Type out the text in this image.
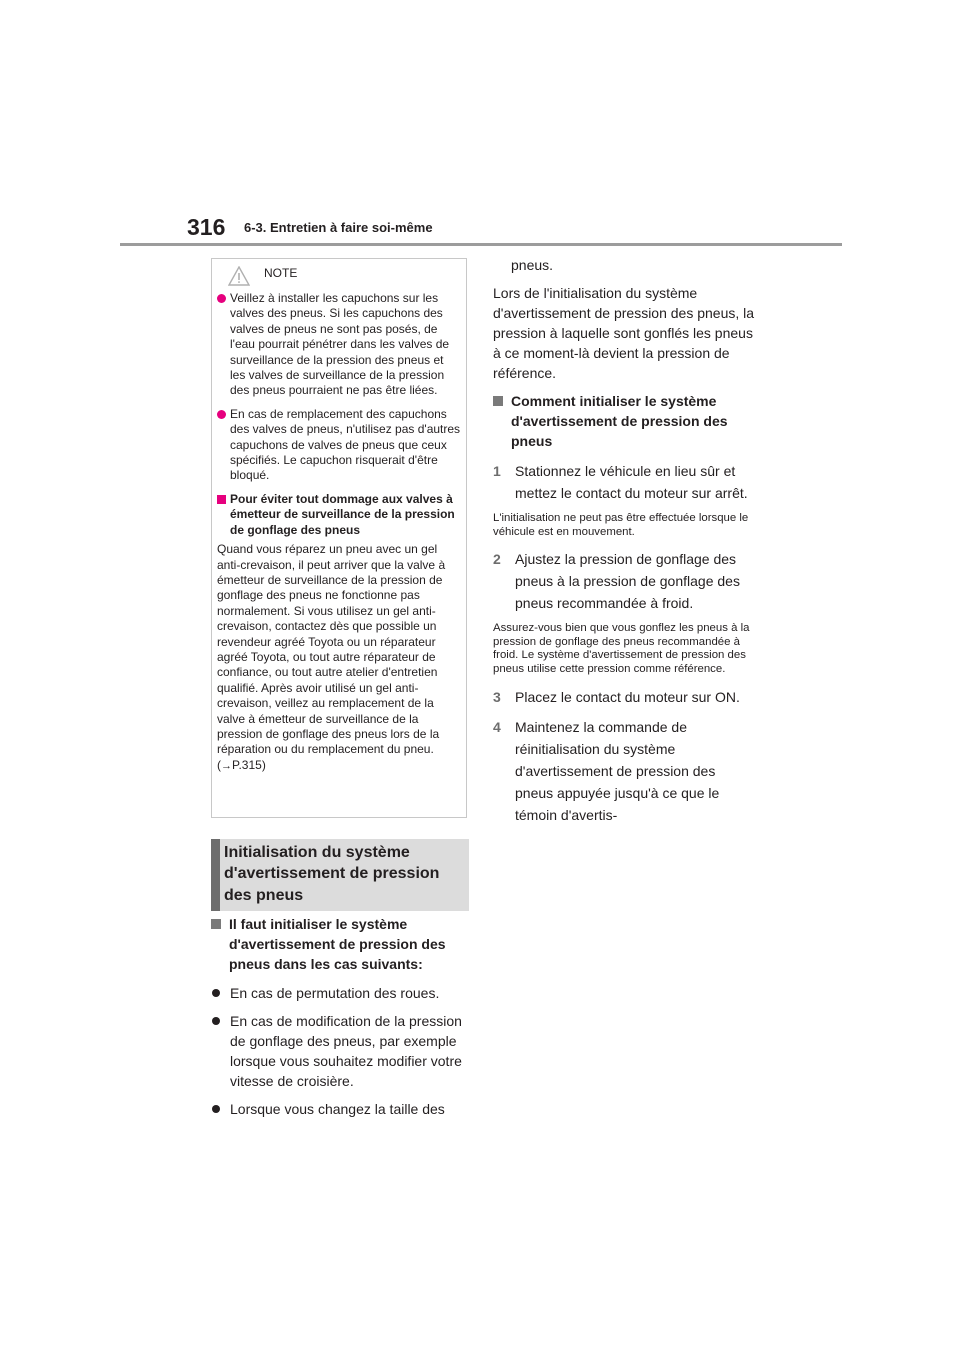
316 6-3. Entretien à faire soi-même
NOTE
Veillez à installer les capuchons sur les valves des pneus. Si les capuchons des valves de pneus ne sont pas posés, de l'eau pourrait pénétrer dans les valves de surveillance de la pression des pneus et les valves de surveillance de la pression des pneus pourraient ne pas être liées.
En cas de remplacement des capuchons des valves de pneus, n'utilisez pas d'autres capuchons de valves de pneus que ceux spécifiés. Le capuchon risquerait d'être bloqué.
Pour éviter tout dommage aux valves à émetteur de surveillance de la pression de gonflage des pneus
Quand vous réparez un pneu avec un gel anti-crevaison, il peut arriver que la valve à émetteur de surveillance de la pression de gonflage des pneus ne fonctionne pas normalement. Si vous utilisez un gel anti-crevaison, contactez dès que possible un revendeur agréé Toyota ou un réparateur agréé Toyota, ou tout autre réparateur de confiance, ou tout autre atelier d'entretien qualifié. Après avoir utilisé un gel anti-crevaison, veillez au remplacement de la valve à émetteur de surveillance de la pression de gonflage des pneus lors de la réparation ou du remplacement du pneu.
(→P.315)
Initialisation du système d'avertissement de pression des pneus
Il faut initialiser le système d'avertissement de pression des pneus dans les cas suivants:
En cas de permutation des roues.
En cas de modification de la pression de gonflage des pneus, par exemple lorsque vous souhaitez modifier votre vitesse de croisière.
Lorsque vous changez la taille des
pneus.
Lors de l'initialisation du système d'avertissement de pression des pneus, la pression à laquelle sont gonflés les pneus à ce moment-là devient la pression de référence.
Comment initialiser le système d'avertissement de pression des pneus
1 Stationnez le véhicule en lieu sûr et mettez le contact du moteur sur arrêt.
L'initialisation ne peut pas être effectuée lorsque le véhicule est en mouvement.
2 Ajustez la pression de gonflage des pneus à la pression de gonflage des pneus recommandée à froid.
Assurez-vous bien que vous gonflez les pneus à la pression de gonflage des pneus recommandée à froid. Le système d'avertissement de pression des pneus utilise cette pression comme référence.
3 Placez le contact du moteur sur ON.
4 Maintenez la commande de réinitialisation du système d'avertissement de pression des pneus appuyée jusqu'à ce que le témoin d'avertis-
